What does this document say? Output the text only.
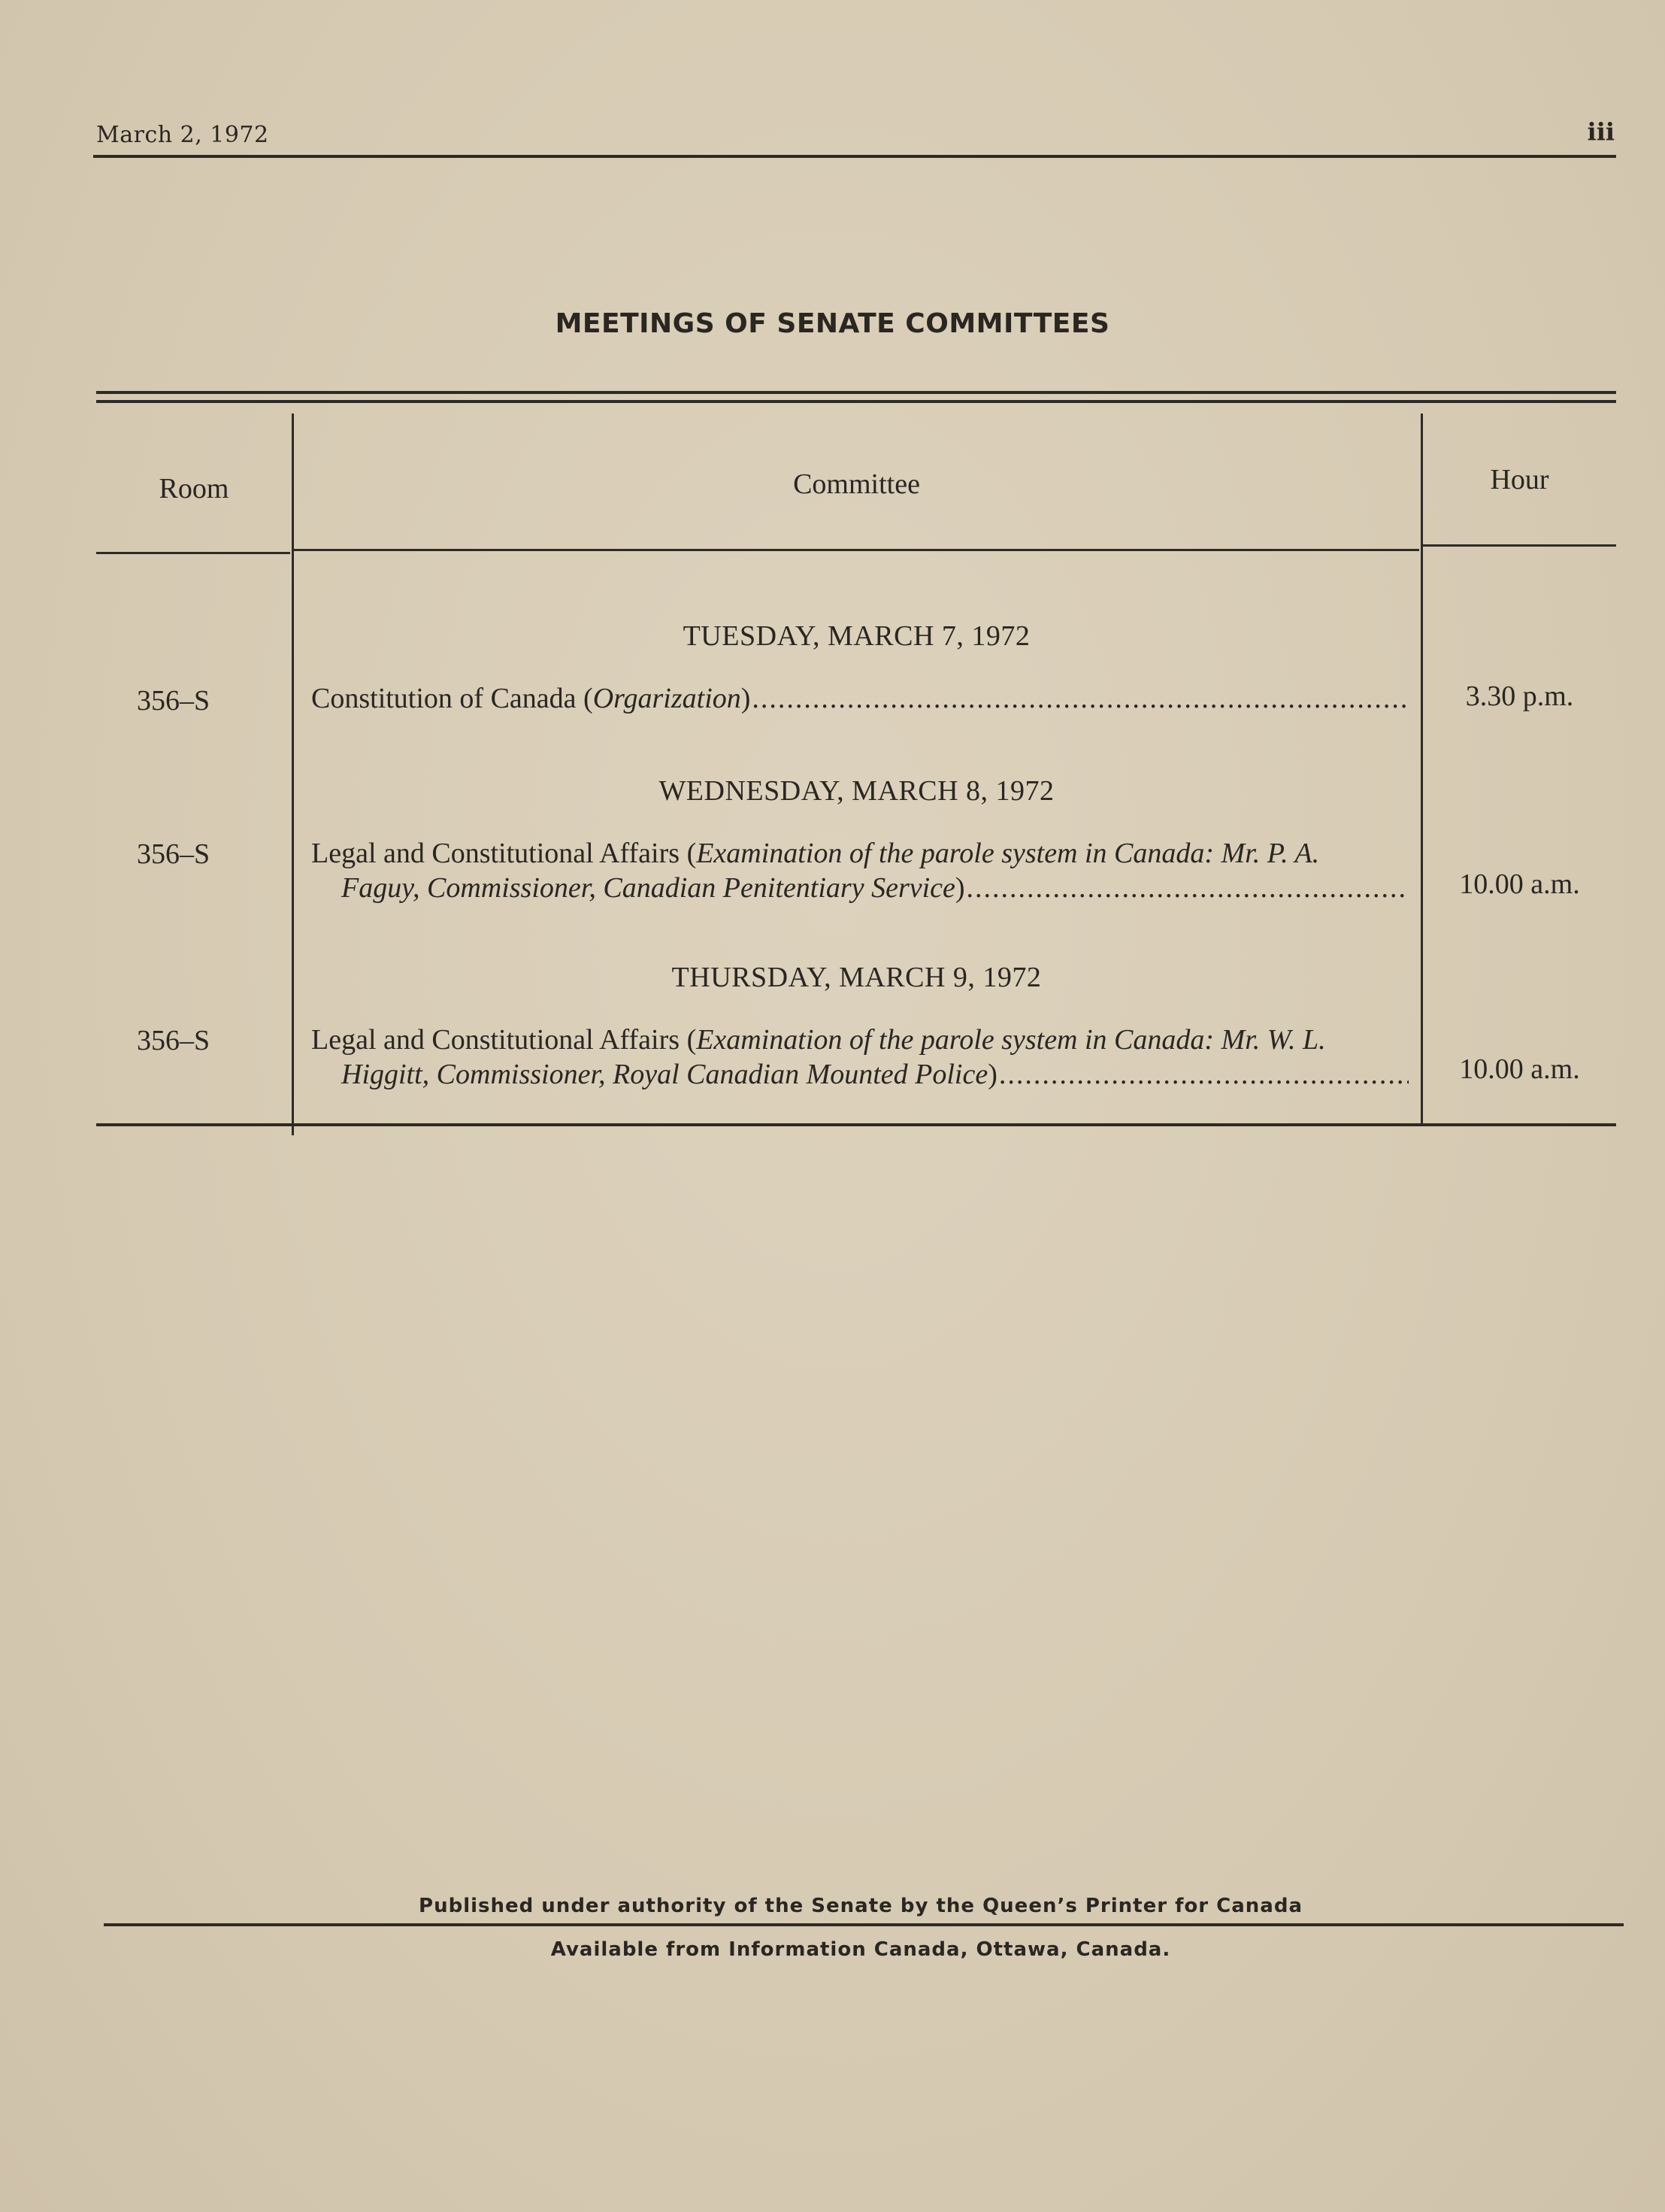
March 2, 1972	iii
MEETINGS OF SENATE COMMITTEES
Room	Committee	Hour
TUESDAY, MARCH 7, 1972
356–S	Constitution of Canada
( Orgarization ) .....	3.30 p.m.
WEDNESDAY, MARCH 8, 1972
356–S	Legal and Constitutional Affairs (Examination of the parole system in Canada: Mr. P. A.
Faguy, Commissioner, Canadian Penitentiary Service ) .....	10.00 a.m.
THURSDAY, MARCH 9, 1972
356–S	Legal and Constitutional Affairs (Examination of the parole system in Canada: Mr. W. L.
Higgitt, Commissioner, Royal Canadian Mounted Police ) .....	10.00 a.m.
Published under authority of the Senate by the Queen’s Printer for Canada
Available from Information Canada, Ottawa, Canada.
